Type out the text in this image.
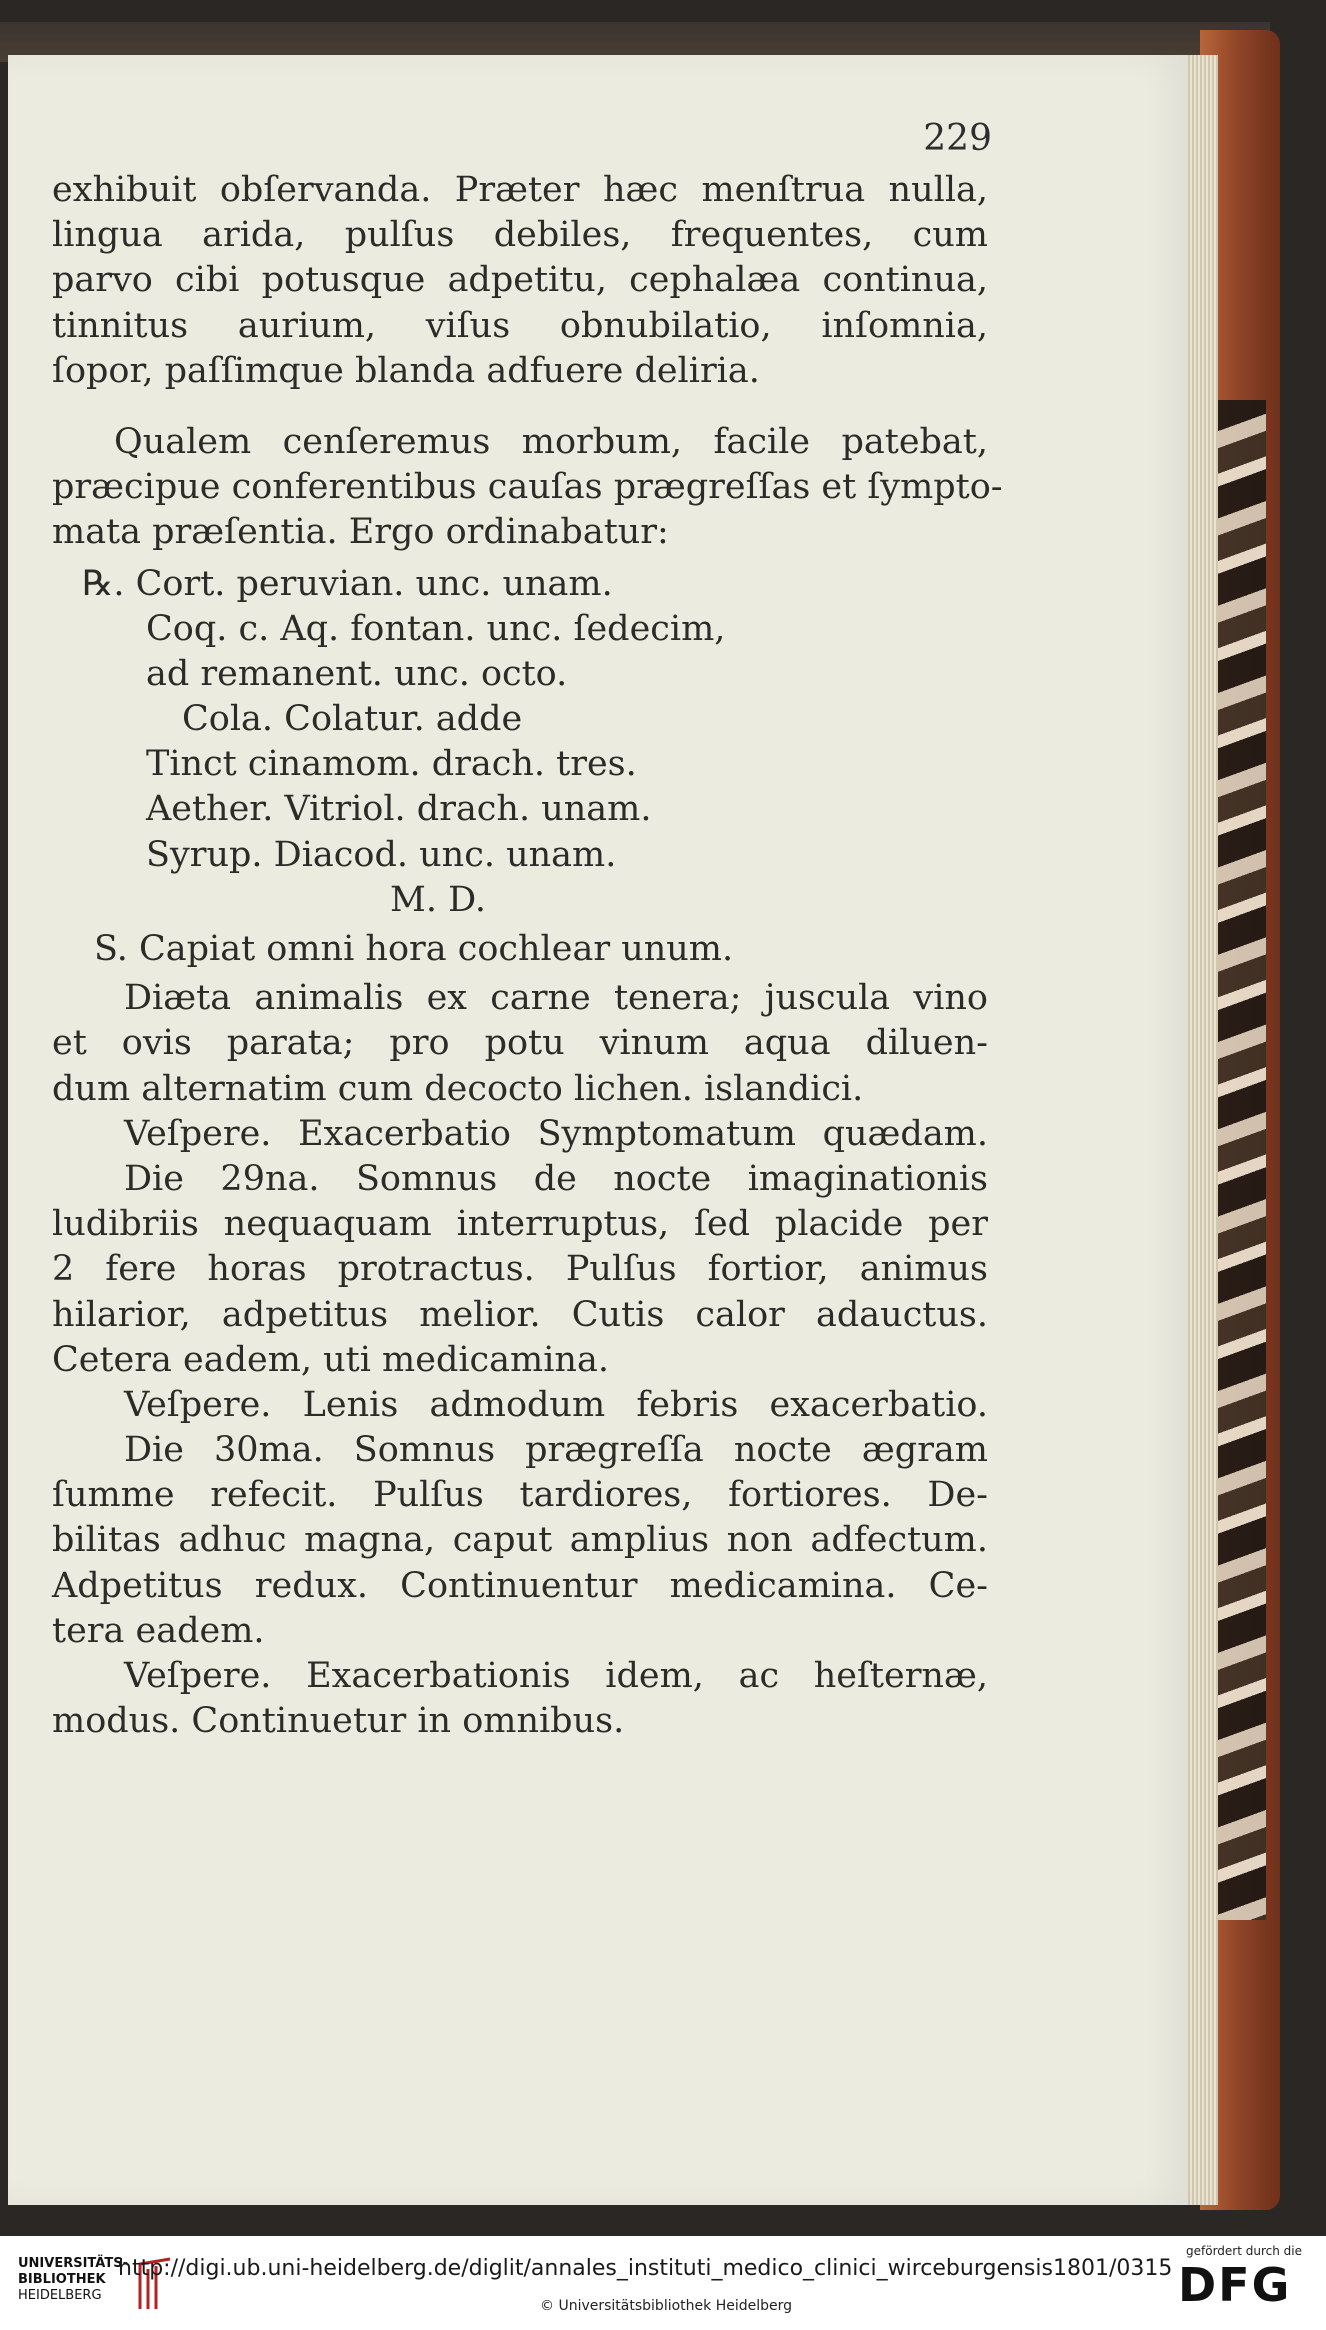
229
exhibuit obſervanda. Præter hæc menſtrua nulla,
lingua arida, pulſus debiles, frequentes, cum
parvo cibi potusque adpetitu, cephalæa continua,
tinnitus aurium, viſus obnubilatio, inſomnia,
ſopor, paſſimque blanda adfuere deliria.
Qualem cenſeremus morbum, facile patebat,
præcipue conferentibus cauſas prægreſſas et ſympto-
mata præſentia. Ergo ordinabatur:
℞. Cort. peruvian. unc. unam.
Coq. c. Aq. fontan. unc. ſedecim,
ad remanent. unc. octo.
Cola. Colatur. adde
Tinct cinamom. drach. tres.
Aether. Vitriol. drach. unam.
Syrup. Diacod. unc. unam.
M. D.
S. Capiat omni hora cochlear unum.
Diæta animalis ex carne tenera; juscula vino
et ovis parata; pro potu vinum aqua diluen-
dum alternatim cum decocto lichen. islandici.
Veſpere. Exacerbatio Symptomatum quædam.
Die 29na. Somnus de nocte imaginationis
ludibriis nequaquam interruptus, ſed placide per
2 fere horas protractus. Pulſus fortior, animus
hilarior, adpetitus melior. Cutis calor adauctus.
Cetera eadem, uti medicamina.
Veſpere. Lenis admodum febris exacerbatio.
Die 30ma. Somnus prægreſſa nocte ægram
ſumme refecit. Pulſus tardiores, fortiores. De-
bilitas adhuc magna, caput amplius non adfectum.
Adpetitus redux. Continuentur medicamina. Ce-
tera eadem.
Veſpere. Exacerbationis idem, ac heſternæ,
modus. Continuetur in omnibus.
UNIVERSITÄTS-
BIBLIOTHEK
HEIDELBERG
http://digi.ub.uni-heidelberg.de/diglit/annales_instituti_medico_clinici_wirceburgensis1801/0315
© Universitätsbibliothek Heidelberg
gefördert durch die
DFG
